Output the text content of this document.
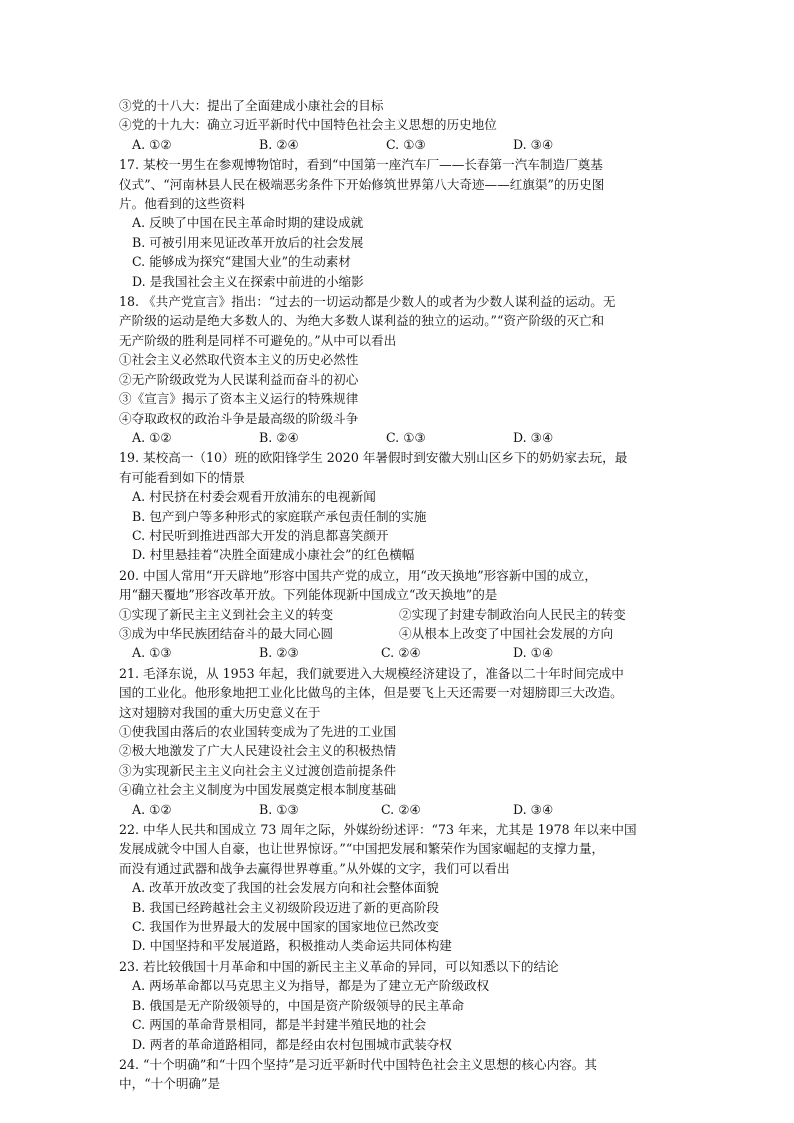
③党的十八大：提出了全面建成小康社会的目标
④党的十九大：确立习近平新时代中国特色社会主义思想的历史地位
A. ①②	B. ②④	C. ①③	D. ③④
17. 某校一男生在参观博物馆时，看到“中国第一座汽车厂——长春第一汽车制造厂奠基
仪式”、“河南林县人民在极端恶劣条件下开始修筑世界第八大奇迹——红旗渠”的历史图
片。他看到的这些资料
A. 反映了中国在民主革命时期的建设成就
B. 可被引用来见证改革开放后的社会发展
C. 能够成为探究“建国大业”的生动素材
D. 是我国社会主义在探索中前进的小缩影
18. 《共产党宣言》指出：“过去的一切运动都是少数人的或者为少数人谋利益的运动。无
产阶级的运动是绝大多数人的、为绝大多数人谋利益的独立的运动。”“资产阶级的灭亡和
无产阶级的胜利是同样不可避免的。”从中可以看出
①社会主义必然取代资本主义的历史必然性
②无产阶级政党为人民谋利益而奋斗的初心
③《宣言》揭示了资本主义运行的特殊规律
④夺取政权的政治斗争是最高级的阶级斗争
A. ①②	B. ②④	C. ①③	D. ③④
19. 某校高一（10）班的欧阳锋学生 2020 年暑假时到安徽大别山区乡下的奶奶家去玩，最
有可能看到如下的情景
A. 村民挤在村委会观看开放浦东的电视新闻
B. 包产到户等多种形式的家庭联产承包责任制的实施
C. 村民听到推进西部大开发的消息都喜笑颜开
D. 村里悬挂着“决胜全面建成小康社会”的红色横幅
20. 中国人常用“开天辟地”形容中国共产党的成立，用“改天换地”形容新中国的成立，
用“翻天覆地”形容改革开放。下列能体现新中国成立“改天换地”的是
①实现了新民主主义到社会主义的转变	②实现了封建专制政治向人民民主的转变
③成为中华民族团结奋斗的最大同心圆	④从根本上改变了中国社会发展的方向
A. ①③	B. ②③	C. ②④	D. ①④
21. 毛泽东说，从 1953 年起，我们就要进入大规模经济建设了，准备以二十年时间完成中
国的工业化。他形象地把工业化比做鸟的主体，但是要飞上天还需要一对翅膀即三大改造。
这对翅膀对我国的重大历史意义在于
①使我国由落后的农业国转变成为了先进的工业国
②极大地激发了广大人民建设社会主义的积极热情
③为实现新民主主义向社会主义过渡创造前提条件
④确立社会主义制度为中国发展奠定根本制度基础
A. ①②	B. ①③	C. ②④	D. ③④
22. 中华人民共和国成立 73 周年之际，外媒纷纷述评：“73 年来，尤其是 1978 年以来中国
发展成就令中国人自豪，也让世界惊讶。”“中国把发展和繁荣作为国家崛起的支撑力量，
而没有通过武器和战争去赢得世界尊重。”从外媒的文字，我们可以看出
A. 改革开放改变了我国的社会发展方向和社会整体面貌
B. 我国已经跨越社会主义初级阶段迈进了新的更高阶段
C. 我国作为世界最大的发展中国家的国家地位已然改变
D. 中国坚持和平发展道路，积极推动人类命运共同体构建
23. 若比较俄国十月革命和中国的新民主主义革命的异同，可以知悉以下的结论
A. 两场革命都以马克思主义为指导，都是为了建立无产阶级政权
B. 俄国是无产阶级领导的，中国是资产阶级领导的民主革命
C. 两国的革命背景相同，都是半封建半殖民地的社会
D. 两者的革命道路相同，都是经由农村包围城市武装夺权
24. “十个明确”和“十四个坚持”是习近平新时代中国特色社会主义思想的核心内容。其
中，“十个明确”是
